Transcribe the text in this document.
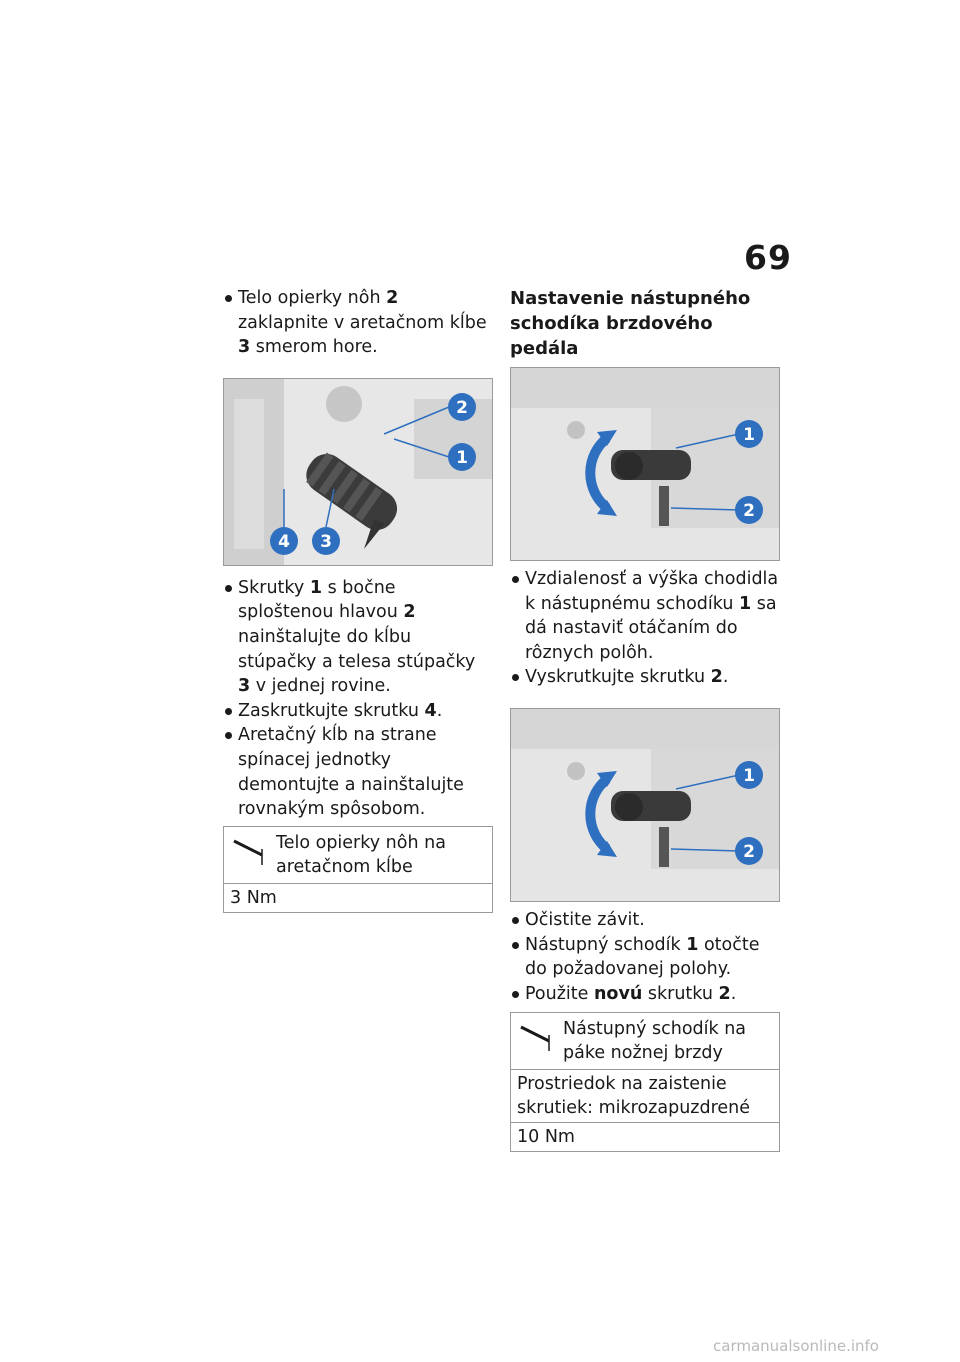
69
Telo opierky nôh 2 zaklapnite v aretačnom kĺbe 3 smerom hore.
2
1
4 3
Skrutky 1 s bočne sploštenou hlavou 2 nainštalujte do kĺbu stúpačky a telesa stúpačky 3 v jednej rovine.
Zaskrutkujte skrutku 4.
Aretačný kĺb na strane spínacej jednotky demontujte a nainštalujte rovnakým spôsobom.
Telo opierky nôh na aretačnom kĺbe
3 Nm
Nastavenie nástupného schodíka brzdového pedála
1
2
Vzdialenosť a výška chodidla k nástupnému schodíku 1 sa dá nastaviť otáčaním do rôznych polôh.
Vyskrutkujte skrutku 2.
1
2
Očistite závit.
Nástupný schodík 1 otočte do požadovanej polohy.
Použite novú skrutku 2.
Nástupný schodík na páke nožnej brzdy
Prostriedok na zaistenie skrutiek: mikrozapuzdrené
10 Nm
carmanualsonline.info
